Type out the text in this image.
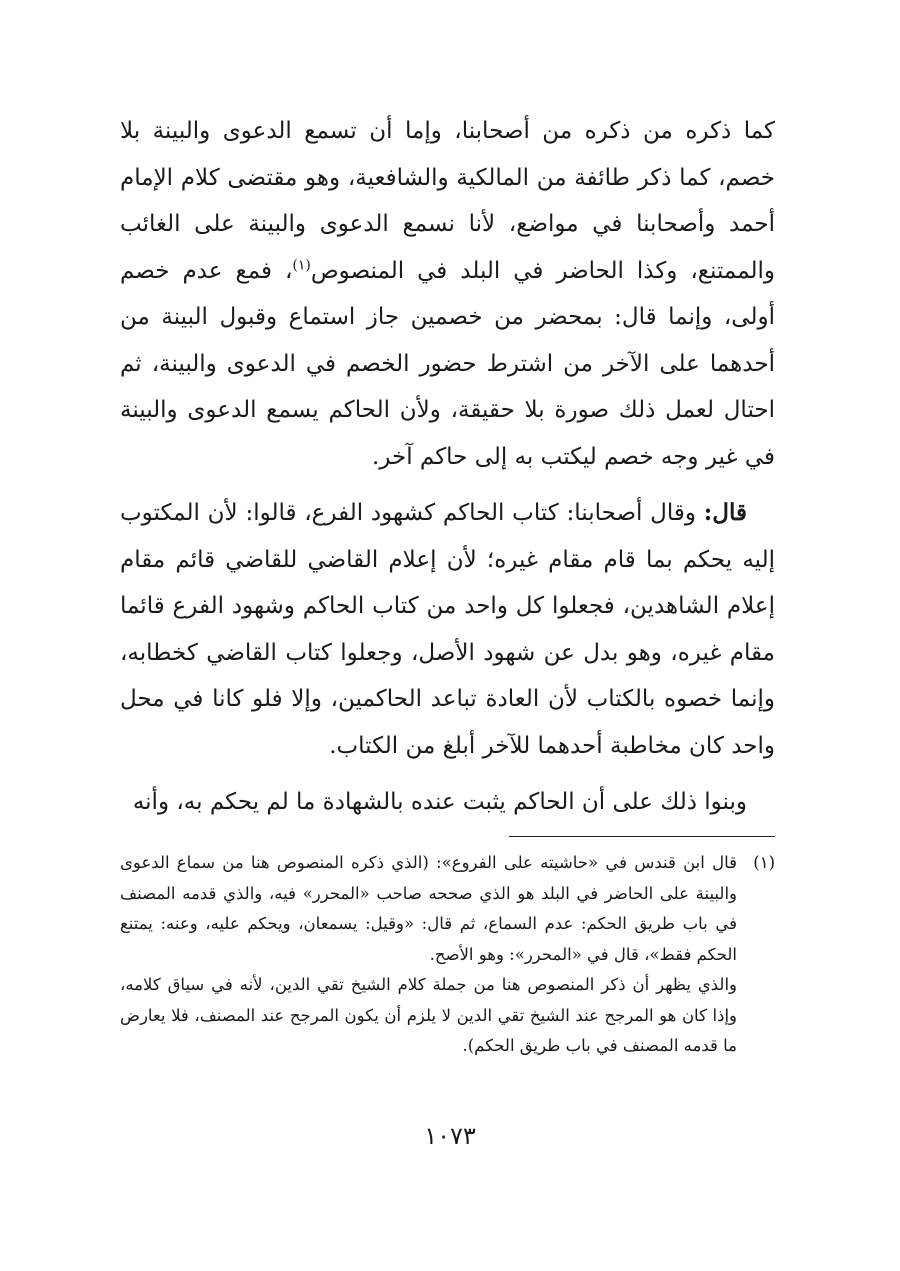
كما ذكره من ذكره من أصحابنا، وإما أن تسمع الدعوى والبينة بلا خصم، كما ذكر طائفة من المالكية والشافعية، وهو مقتضى كلام الإمام أحمد وأصحابنا في مواضع، لأنا نسمع الدعوى والبينة على الغائب والممتنع، وكذا الحاضر في البلد في المنصوص$^{(١)}$، فمع عدم خصم أولى، وإنما قال: بمحضر من خصمين جاز استماع وقبول البينة من أحدهما على الآخر من اشترط حضور الخصم في الدعوى والبينة، ثم احتال لعمل ذلك صورة بلا حقيقة، ولأن الحاكم يسمع الدعوى والبينة في غير وجه خصم ليكتب به إلى حاكم آخر.

قال: وقال أصحابنا: كتاب الحاكم كشهود الفرع، قالوا: لأن المكتوب إليه يحكم بما قام مقام غيره؛ لأن إعلام القاضي للقاضي قائم مقام إعلام الشاهدين، فجعلوا كل واحد من كتاب الحاكم وشهود الفرع قائما مقام غيره، وهو بدل عن شهود الأصل، وجعلوا كتاب القاضي كخطابه، وإنما خصوه بالكتاب لأن العادة تباعد الحاكمين، وإلا فلو كانا في محل واحد كان مخاطبة أحدهما للآخر أبلغ من الكتاب.

وبنوا ذلك على أن الحاكم يثبت عنده بالشهادة ما لم يحكم به، وأنه

(١)

قال ابن قندس في «حاشيته على الفروع»: (الذي ذكره المنصوص هنا من سماع الدعوى والبينة على الحاضر في البلد هو الذي صححه صاحب «المحرر» فيه، والذي قدمه المصنف في باب طريق الحكم: عدم السماع، ثم قال: «وقيل: يسمعان، ويحكم عليه، وعنه: يمتنع الحكم فقط»، قال في «المحرر»: وهو الأصح.

والذي يظهر أن ذكر المنصوص هنا من جملة كلام الشيخ تقي الدين، لأنه في سياق كلامه، وإذا كان هو المرجح عند الشيخ تقي الدين لا يلزم أن يكون المرجح عند المصنف، فلا يعارض ما قدمه المصنف في باب طريق الحكم).

١٠٧٣
